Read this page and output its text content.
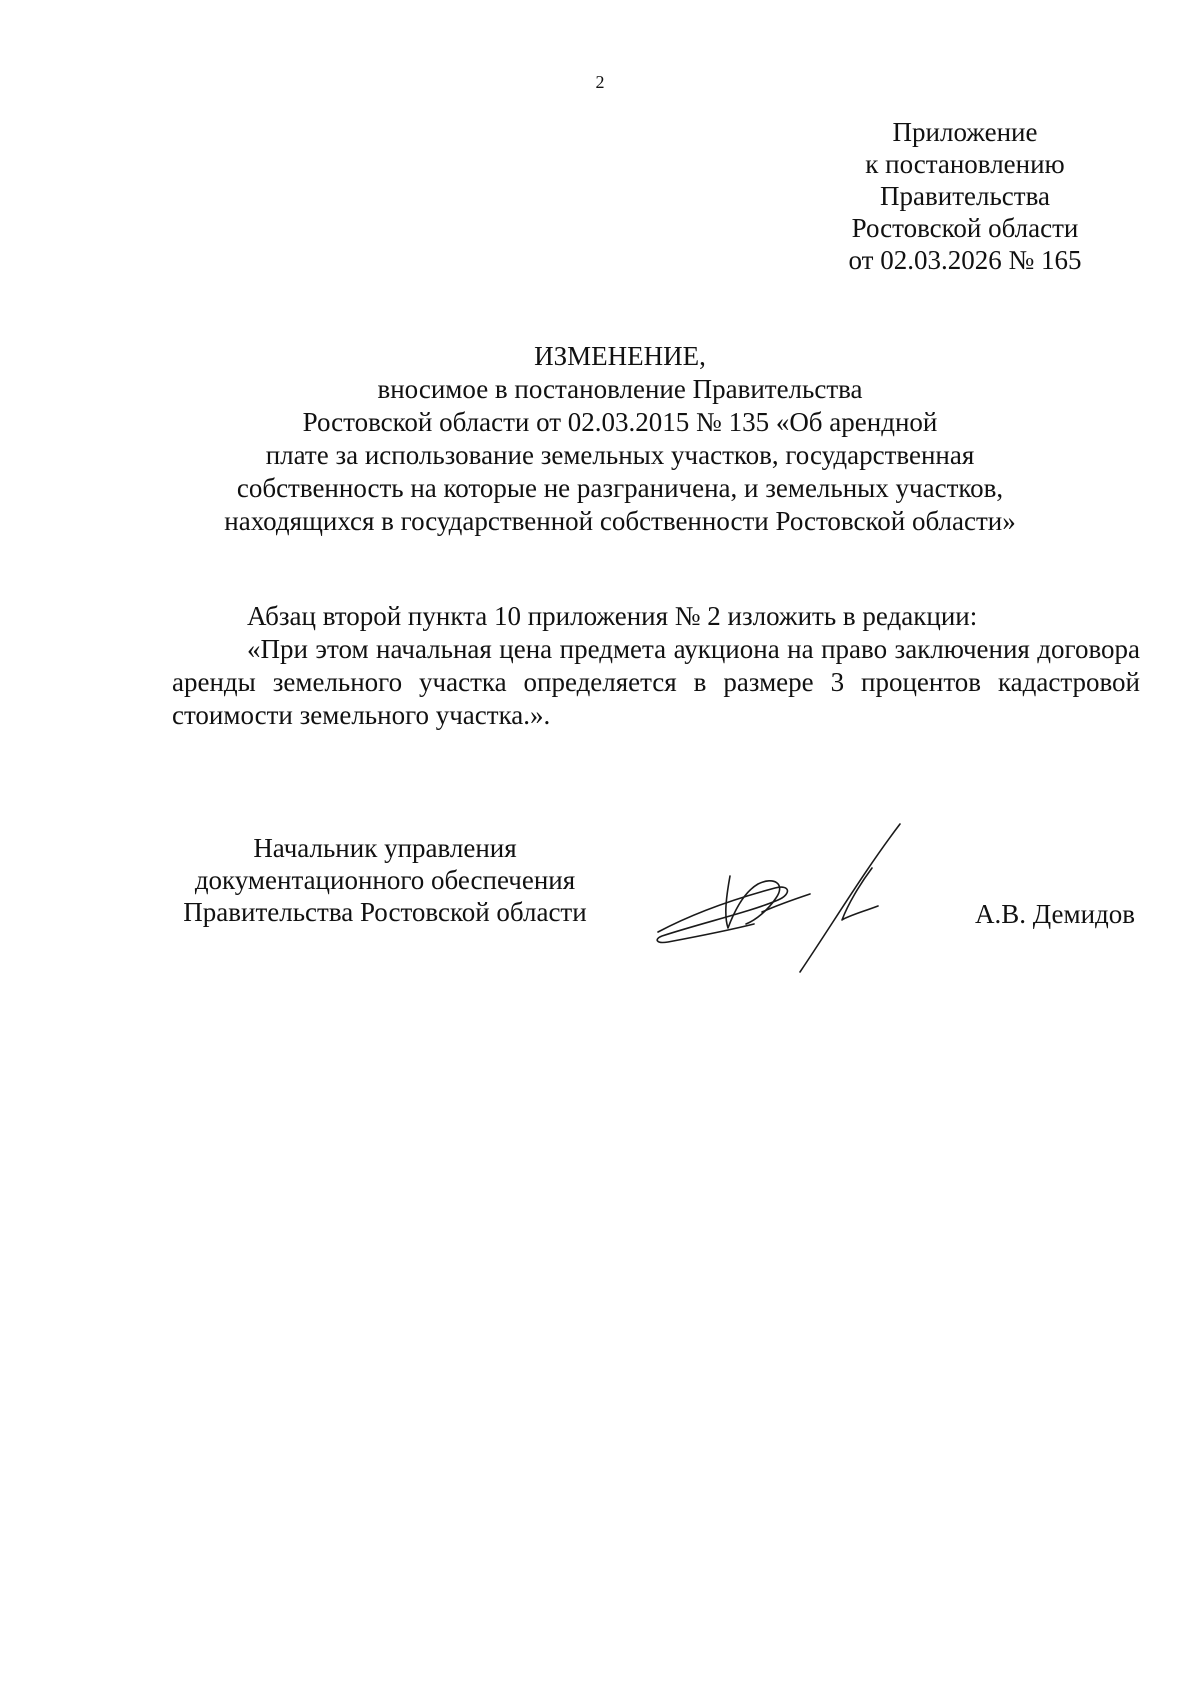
2
Приложение
к постановлению
Правительства
Ростовской области
от 02.03.2026 № 165
ИЗМЕНЕНИЕ,
вносимое в постановление Правительства
Ростовской области от 02.03.2015 № 135 «Об арендной
плате за использование земельных участков, государственная
собственность на которые не разграничена, и земельных участков,
находящихся в государственной собственности Ростовской области»

Абзац второй пункта 10 приложения № 2 изложить в редакции:

«При этом начальная цена предмета аукциона на право заключения договора аренды земельного участка определяется в размере 3 процентов кадастровой стоимости земельного участка.».

Начальник управления
документационного обеспечения
Правительства Ростовской области	А.В. Демидов
